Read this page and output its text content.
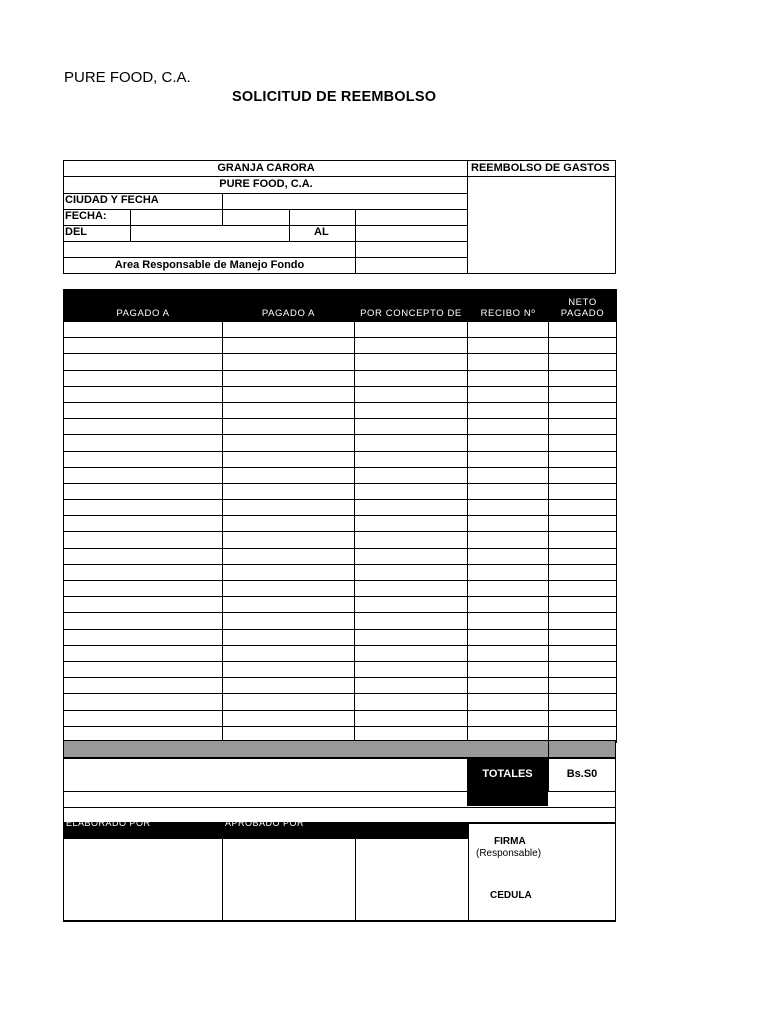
PURE FOOD, C.A.
SOLICITUD DE REEMBOLSO
GRANJA CARORA	REEMBOLSO DE GASTOS
PURE FOOD, C.A.
CIUDAD Y FECHA
FECHA:
DEL	AL
Area Responsable de Manejo Fondo
PAGADO A	PAGADO A	POR CONCEPTO DE	RECIBO Nº	NETO
PAGADO

TOTALES	Bs.S0
ELABORADO POR	APROBADO POR
FIRMA
(Responsable)
CEDULA
